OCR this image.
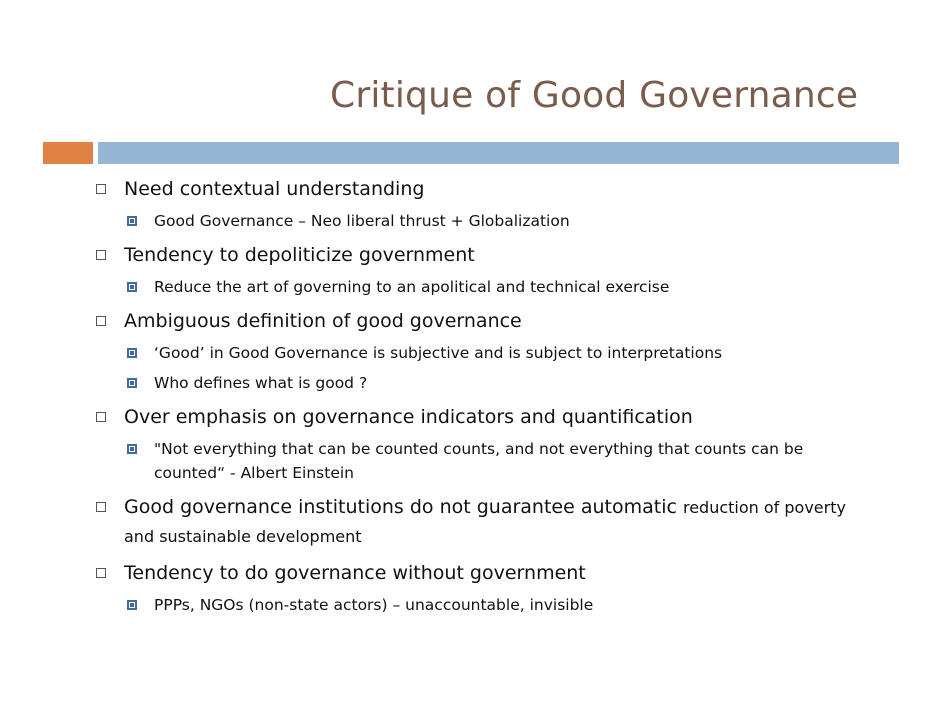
Critique of Good Governance
Need contextual understanding
Good Governance – Neo liberal thrust + Globalization
Tendency to depoliticize government
Reduce the art of governing to an apolitical and technical exercise
Ambiguous definition of good governance
‘Good’ in Good Governance is subjective and is subject to interpretations
Who defines what is good ?
Over emphasis on governance indicators and quantification
"Not everything that can be counted counts, and not everything that counts can be counted“ - Albert Einstein
Good governance institutions do not guarantee automatic reduction of poverty and sustainable development
Tendency to do governance without government
PPPs, NGOs (non-state actors) – unaccountable, invisible
